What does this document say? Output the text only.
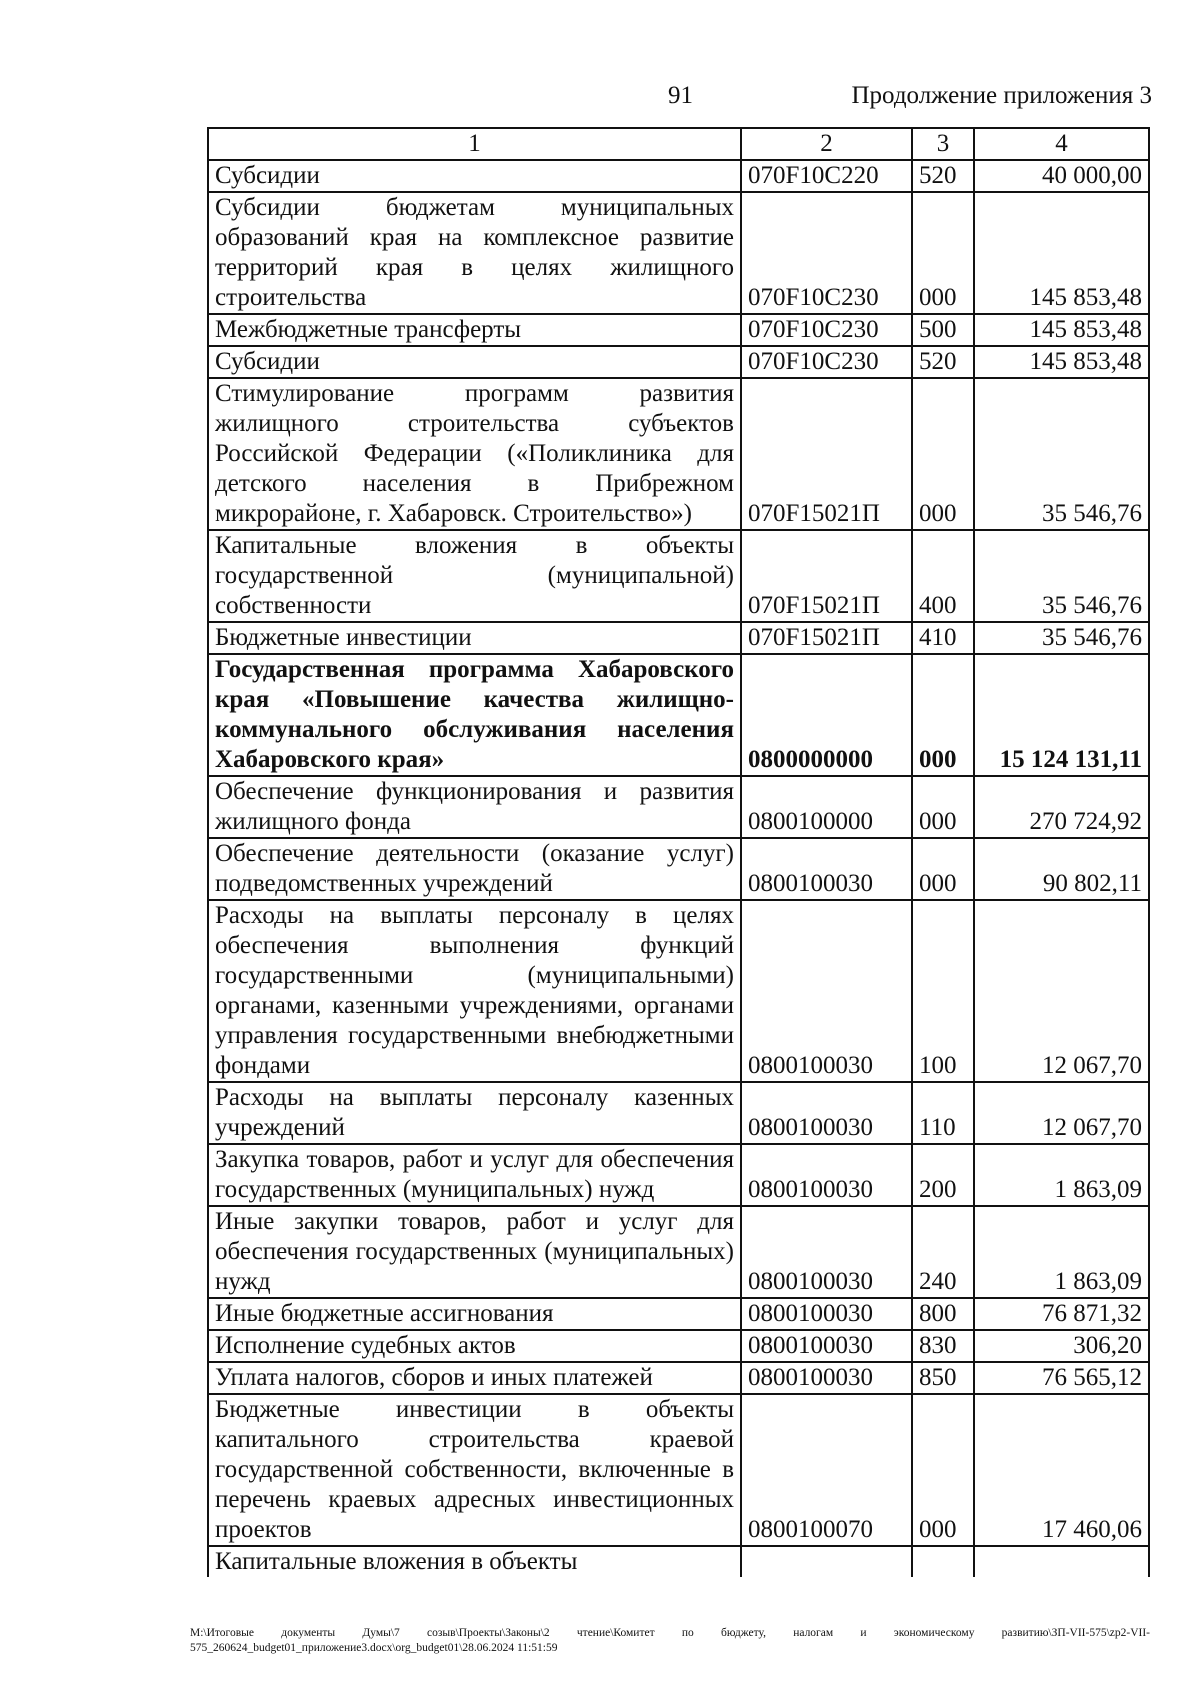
91	Продолжение приложения 3
1	2	3	4
Субсидии	070F10C220	520	40 000,00
Субсидии бюджетам муниципальных образований края на комплексное развитие территорий края в целях жилищного строительства	070F10C230	000	145 853,48
Межбюджетные трансферты	070F10C230	500	145 853,48
Субсидии	070F10C230	520	145 853,48
Стимулирование программ развития жилищного строительства субъектов Российской Федерации («Поликлиника для детского населения в Прибрежном микрорайоне, г. Хабаровск. Строительство»)	070F15021П	000	35 546,76
Капитальные вложения в объекты государственной (муниципальной) собственности	070F15021П	400	35 546,76
Бюджетные инвестиции	070F15021П	410	35 546,76
Государственная программа Хабаровского края «Повышение качества жилищно-коммунального обслуживания населения Хабаровского края»	0800000000	000	15 124 131,11
Обеспечение функционирования и развития жилищного фонда	0800100000	000	270 724,92
Обеспечение деятельности (оказание услуг) подведомственных учреждений	0800100030	000	90 802,11
Расходы на выплаты персоналу в целях обеспечения выполнения функций государственными (муниципальными) органами, казенными учреждениями, органами управления государственными внебюджетными фондами	0800100030	100	12 067,70
Расходы на выплаты персоналу казенных учреждений	0800100030	110	12 067,70
Закупка товаров, работ и услуг для обеспечения государственных (муниципальных) нужд	0800100030	200	1 863,09
Иные закупки товаров, работ и услуг для обеспечения государственных (муниципальных) нужд	0800100030	240	1 863,09
Иные бюджетные ассигнования	0800100030	800	76 871,32
Исполнение судебных актов	0800100030	830	306,20
Уплата налогов, сборов и иных платежей	0800100030	850	76 565,12
Бюджетные инвестиции в объекты капитального строительства краевой государственной собственности, включенные в перечень краевых адресных инвестиционных проектов	0800100070	000	17 460,06
Капитальные вложения в объекты			
M:\Итоговые документы Думы\7 созыв\Проекты\Законы\2 чтение\Комитет по бюджету, налогам и экономическому развитию\ЗП-VII-575\zp2-VII-575_260624_budget01_приложение3.docx\org_budget01\28.06.2024 11:51:59
